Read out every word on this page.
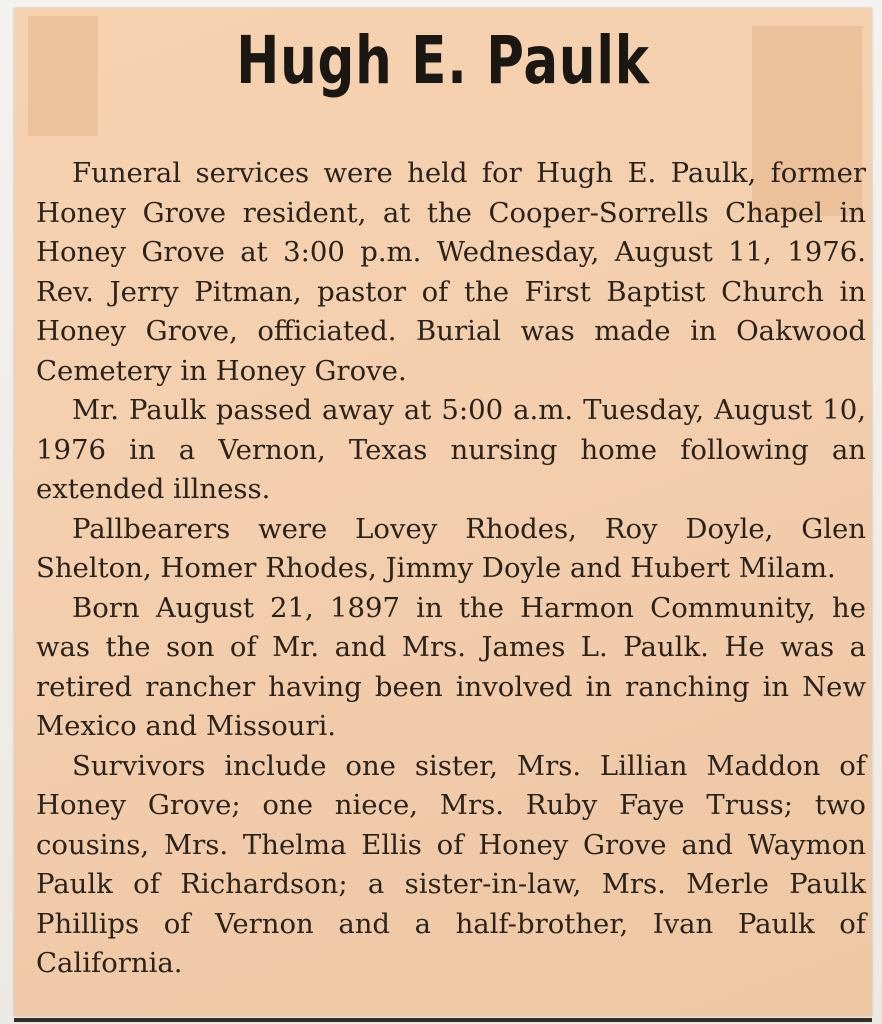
Hugh E. Paulk

Funeral services were held for Hugh E. Paulk, former Honey Grove resident, at the Cooper-Sorrells Chapel in Honey Grove at 3:00 p.m. Wednesday, August 11, 1976. Rev. Jerry Pitman, pastor of the First Baptist Church in Honey Grove, officiated. Burial was made in Oakwood Cemetery in Honey Grove.

Mr. Paulk passed away at 5:00 a.m. Tuesday, August 10, 1976 in a Vernon, Texas nursing home following an extended illness.

Pallbearers were Lovey Rhodes, Roy Doyle, Glen Shelton, Homer Rhodes, Jimmy Doyle and Hubert Milam.

Born August 21, 1897 in the Harmon Community, he was the son of Mr. and Mrs. James L. Paulk. He was a retired rancher having been involved in ranching in New Mexico and Missouri.

Survivors include one sister, Mrs. Lillian Maddon of Honey Grove; one niece, Mrs. Ruby Faye Truss; two cousins, Mrs. Thelma Ellis of Honey Grove and Waymon Paulk of Richardson; a sister-in-law, Mrs. Merle Paulk Phillips of Vernon and a half-brother, Ivan Paulk of California.
